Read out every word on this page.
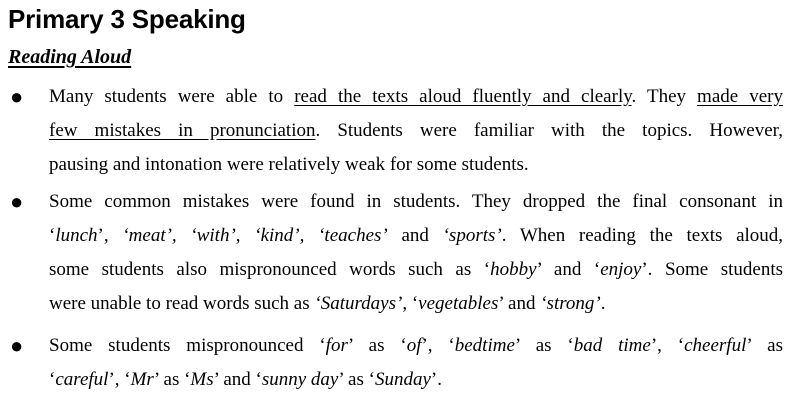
Primary 3 Speaking
Reading Aloud
● Many students were able to read the texts aloud fluently and clearly. They made very
few mistakes in pronunciation. Students were familiar with the topics. However,
pausing and intonation were relatively weak for some students.
● Some common mistakes were found in students. They dropped the final consonant in
‘lunch’, ‘meat’, ‘with’, ‘kind’, ‘teaches’ and ‘sports’. When reading the texts aloud,
some students also mispronounced words such as ‘hobby’ and ‘enjoy’. Some students
were unable to read words such as ‘Saturdays’, ‘vegetables’ and ‘strong’.
● Some students mispronounced ‘for’ as ‘of’, ‘bedtime’ as ‘bad time’, ‘cheerful’ as
‘careful’, ‘Mr’ as ‘Ms’ and ‘sunny day’ as ‘Sunday’.
